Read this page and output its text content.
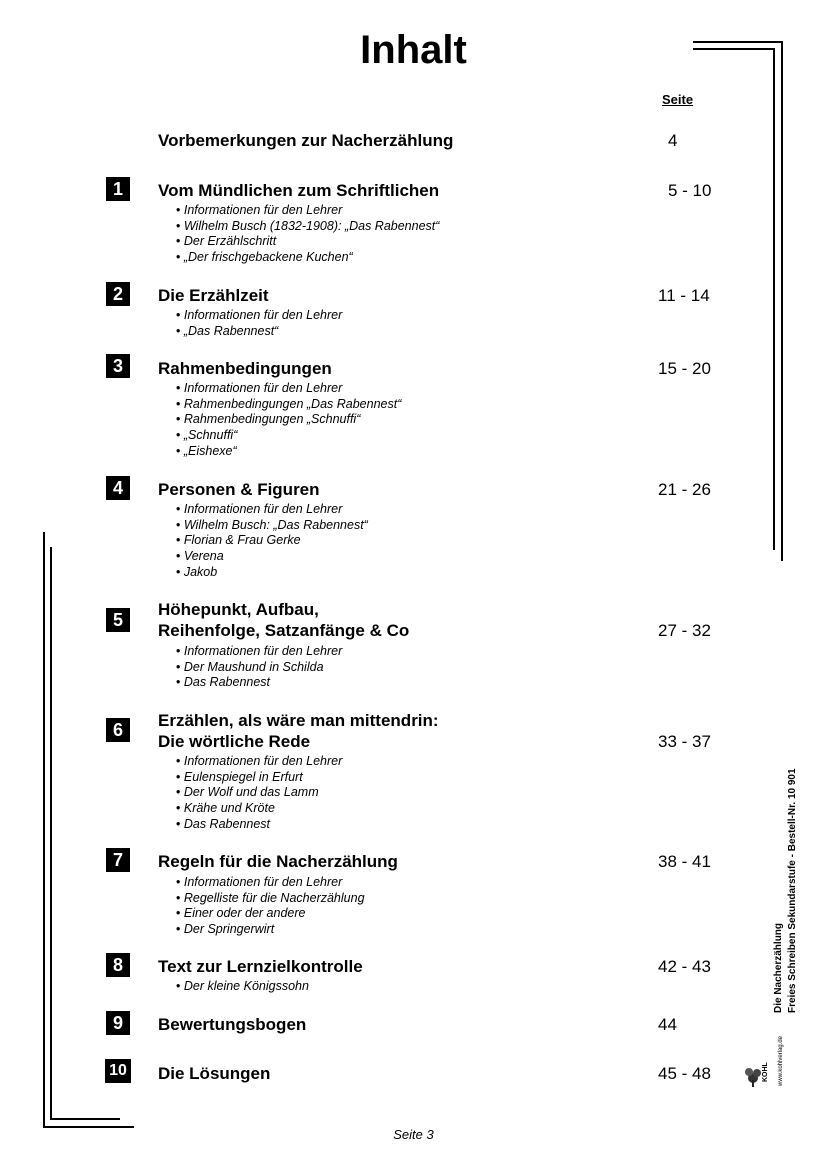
Inhalt
Seite
Vorbemerkungen zur Nacherzählung	4
1	Vom Mündlichen zum Schriftlichen	5 - 10
• Informationen für den Lehrer
• Wilhelm Busch (1832-1908): „Das Rabennest“
• Der Erzählschritt
• „Der frischgebackene Kuchen“
2	Die Erzählzeit	11 - 14
• Informationen für den Lehrer
• „Das Rabennest“
3	Rahmenbedingungen	15 - 20
• Informationen für den Lehrer
• Rahmenbedingungen „Das Rabennest“
• Rahmenbedingungen „Schnuffi“
• „Schnuffi“
• „Eishexe“
4	Personen & Figuren	21 - 26
• Informationen für den Lehrer
• Wilhelm Busch: „Das Rabennest“
• Florian & Frau Gerke
• Verena
• Jakob
5
Höhepunkt, Aufbau,
Reihenfolge, Satzanfänge & Co	27 - 32
• Informationen für den Lehrer
• Der Maushund in Schilda
• Das Rabennest
6	Erzählen, als wäre man mittendrin:
Die wörtliche Rede	33 - 37
• Informationen für den Lehrer
• Eulenspiegel in Erfurt
• Der Wolf und das Lamm
• Krähe und Kröte
• Das Rabennest
7	Regeln für die Nacherzählung	38 - 41
• Informationen für den Lehrer
• Regelliste für die Nacherzählung
• Einer oder der andere
• Der Springerwirt
8	Text zur Lernzielkontrolle	42 - 43
• Der kleine Königssohn
9	Bewertungsbogen	44
10 Die Lösungen	45 - 48
Die Nacherzählung Freies Schreiben Sekundarstufe - Bestell-Nr. 10 901
KOHL www.kohlverlag.de
Seite 3
